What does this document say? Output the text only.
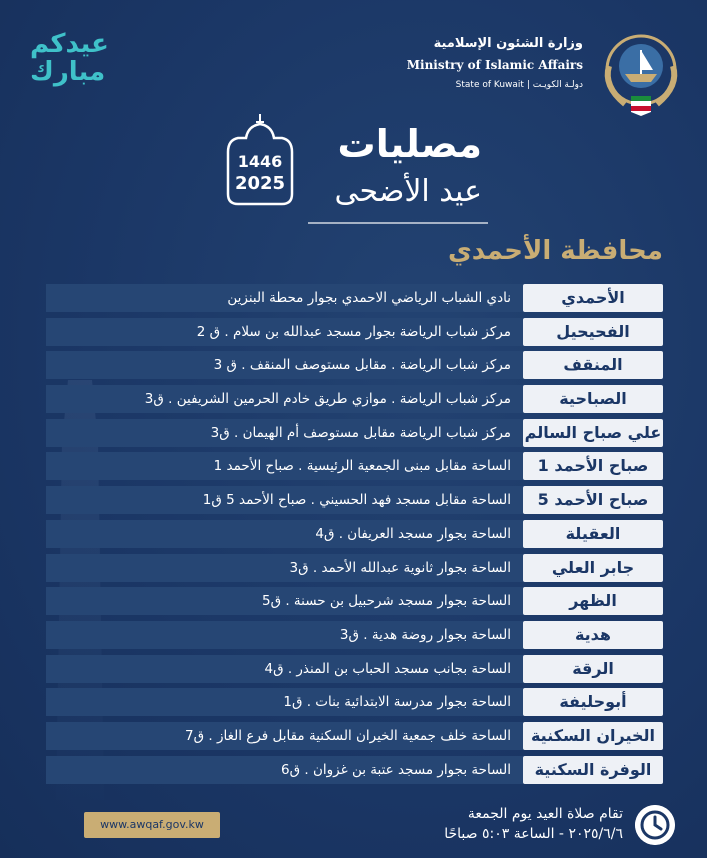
عيدكم
مبارك
وزارة الشئون الإسلامية
Ministry of Islamic Affairs
State of Kuwait | دولـة الكويـت
1446
2025
مصليات
عيد الأضحى
محافظة الأحمدي
الأحمدي
نادي الشباب الرياضي الاحمدي بجوار محطة البنزين
الفحيحيل
مركز شباب الرياضة بجوار مسجد عبدالله بن سلام . ق 2
المنقف
مركز شباب الرياضة . مقابل مستوصف المنقف . ق 3
الصباحية
مركز شباب الرياضة . موازي طريق خادم الحرمين الشريفين . ق3
علي صباح السالم
مركز شباب الرياضة مقابل مستوصف أم الهيمان . ق3
صباح الأحمد 1
الساحة مقابل مبنى الجمعية الرئيسية . صباح الأحمد 1
صباح الأحمد 5
الساحة مقابل مسجد فهد الحسيني . صباح الأحمد 5 ق1
العقيلة
الساحة بجوار مسجد العريفان . ق4
جابر العلي
الساحة بجوار ثانوية عبدالله الأحمد . ق3
الظهر
الساحة بجوار مسجد شرحبيل بن حسنة . ق5
هدية
الساحة بجوار روضة هدية . ق3
الرقة
الساحة بجانب مسجد الحباب بن المنذر . ق4
أبوحليفة
الساحة بجوار مدرسة الابتدائية بنات . ق1
الخيران السكنية
الساحة خلف جمعية الخيران السكنية مقابل فرع الغاز . ق7
الوفرة السكنية
الساحة بجوار مسجد عتبة بن غزوان . ق6
www.awqaf.gov.kw
تقام صلاة العيد يوم الجمعة
٢٠٢٥/٦/٦ - الساعة ٥:٠٣ صباحًا
